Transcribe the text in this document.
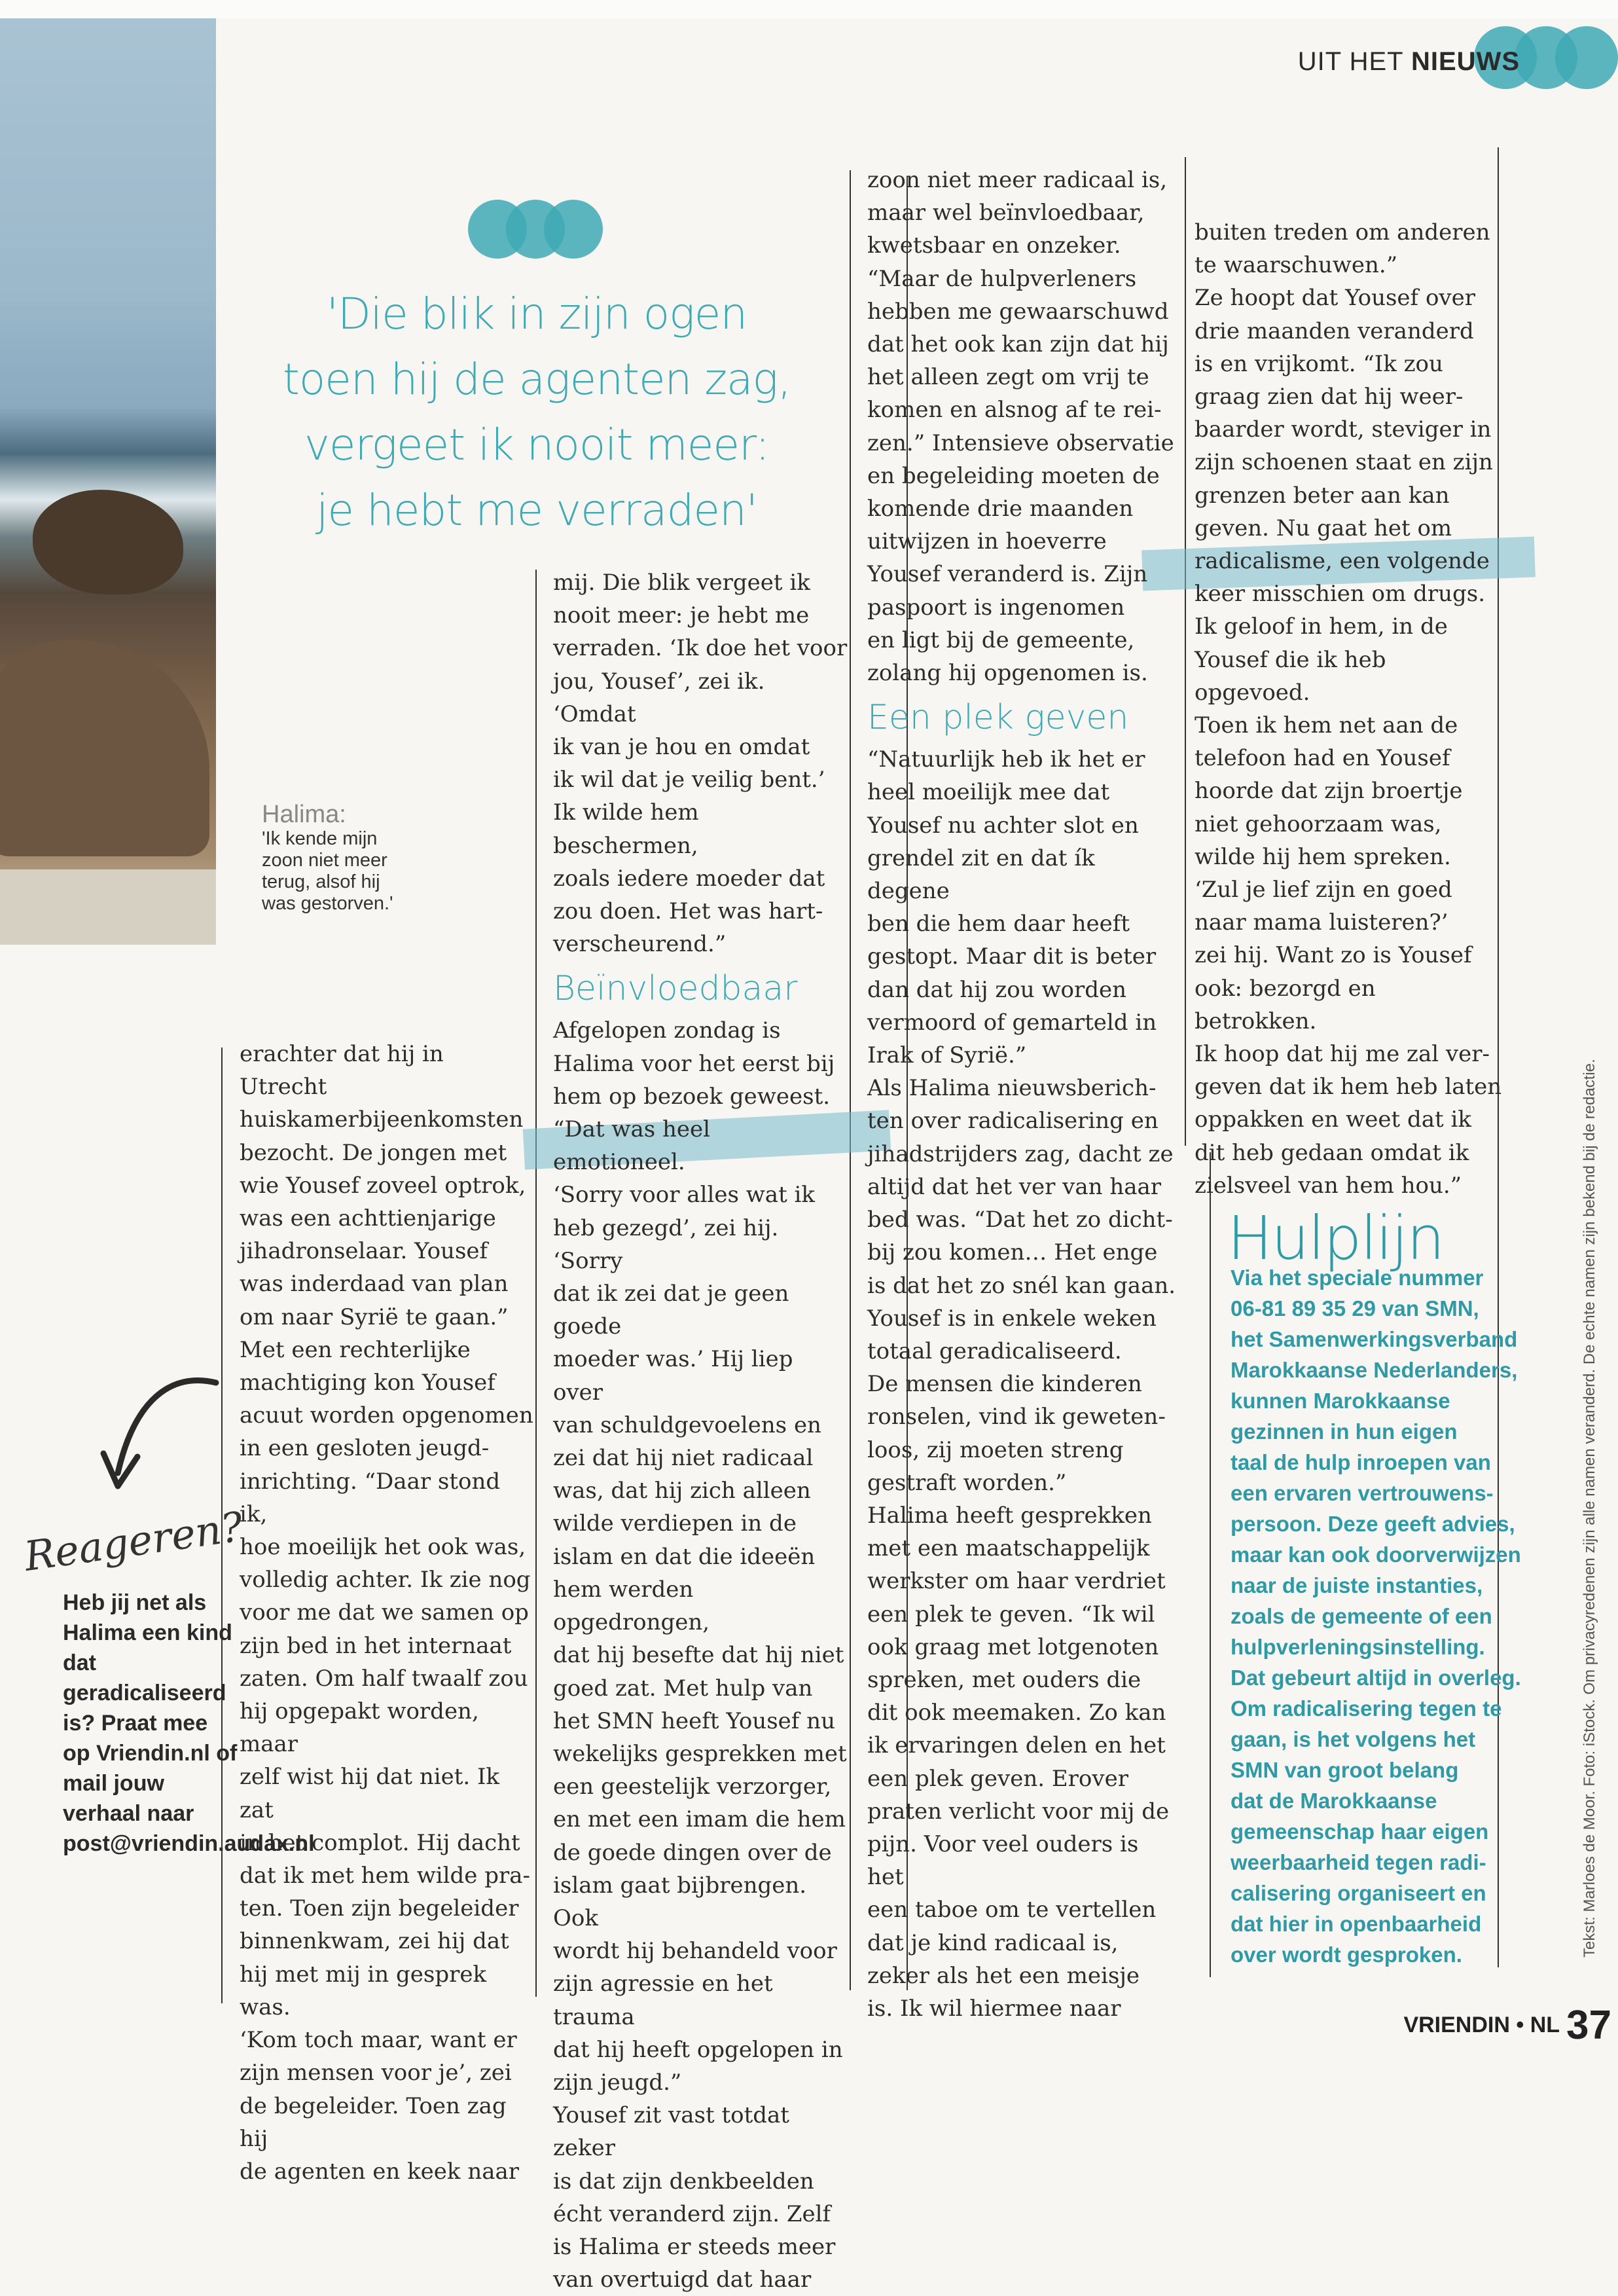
UIT HET NIEUWS
'Die blik in zijn ogen toen hij de agenten zag, vergeet ik nooit meer: je hebt me verraden'
Halima:
'Ik kende mijn zoon niet meer terug, alsof hij was gestorven.'
erachter dat hij in Utrecht
huiskamerbijeenkomsten
bezocht. De jongen met
wie Yousef zoveel optrok,
was een achttienjarige
jihadronselaar. Yousef
was inderdaad van plan
om naar Syrië te gaan.”
Met een rechterlijke
machtiging kon Yousef
acuut worden opgenomen
in een gesloten jeugd-
inrichting. “Daar stond ik,
hoe moeilijk het ook was,
volledig achter. Ik zie nog
voor me dat we samen op
zijn bed in het internaat
zaten. Om half twaalf zou
hij opgepakt worden, maar
zelf wist hij dat niet. Ik zat
in het complot. Hij dacht
dat ik met hem wilde pra-
ten. Toen zijn begeleider
binnenkwam, zei hij dat
hij met mij in gesprek was.
‘Kom toch maar, want er
zijn mensen voor je’, zei
de begeleider. Toen zag hij
de agenten en keek naar
mij. Die blik vergeet ik
nooit meer: je hebt me
verraden. ‘Ik doe het voor
jou, Yousef’, zei ik. ‘Omdat
ik van je hou en omdat
ik wil dat je veilig bent.’
Ik wilde hem beschermen,
zoals iedere moeder dat
zou doen. Het was hart-
verscheurend.”
Beïnvloedbaar
Afgelopen zondag is
Halima voor het eerst bij
hem op bezoek geweest.
“Dat was heel emotioneel.
‘Sorry voor alles wat ik
heb gezegd’, zei hij. ‘Sorry
dat ik zei dat je geen goede
moeder was.’ Hij liep over
van schuldgevoelens en
zei dat hij niet radicaal
was, dat hij zich alleen
wilde verdiepen in de
islam en dat die ideeën
hem werden opgedrongen,
dat hij besefte dat hij niet
goed zat. Met hulp van
het SMN heeft Yousef nu
wekelijks gesprekken met
een geestelijk verzorger,
en met een imam die hem
de goede dingen over de
islam gaat bijbrengen. Ook
wordt hij behandeld voor
zijn agressie en het trauma
dat hij heeft opgelopen in
zijn jeugd.”
Yousef zit vast totdat zeker
is dat zijn denkbeelden
écht veranderd zijn. Zelf
is Halima er steeds meer
van overtuigd dat haar
zoon niet meer radicaal is,
maar wel beïnvloedbaar,
kwetsbaar en onzeker.
“Maar de hulpverleners
hebben me gewaarschuwd
dat het ook kan zijn dat hij
het alleen zegt om vrij te
komen en alsnog af te rei-
zen.” Intensieve observatie
en begeleiding moeten de
komende drie maanden
uitwijzen in hoeverre
Yousef veranderd is. Zijn
paspoort is ingenomen
en ligt bij de gemeente,
zolang hij opgenomen is.
Een plek geven
“Natuurlijk heb ik het er
heel moeilijk mee dat
Yousef nu achter slot en
grendel zit en dat ík degene
ben die hem daar heeft
gestopt. Maar dit is beter
dan dat hij zou worden
vermoord of gemarteld in
Irak of Syrië.”
Als Halima nieuwsberich-
ten over radicalisering en
jihadstrijders zag, dacht ze
altijd dat het ver van haar
bed was. “Dat het zo dicht-
bij zou komen… Het enge
is dat het zo snél kan gaan.
Yousef is in enkele weken
totaal geradicaliseerd.
De mensen die kinderen
ronselen, vind ik geweten-
loos, zij moeten streng
gestraft worden.”
Halima heeft gesprekken
met een maatschappelijk
werkster om haar verdriet
een plek te geven. “Ik wil
ook graag met lotgenoten
spreken, met ouders die
dit ook meemaken. Zo kan
ik ervaringen delen en het
een plek geven. Erover
praten verlicht voor mij de
pijn. Voor veel ouders is het
een taboe om te vertellen
dat je kind radicaal is,
zeker als het een meisje
is. Ik wil hiermee naar
buiten treden om anderen
te waarschuwen.”
Ze hoopt dat Yousef over
drie maanden veranderd
is en vrijkomt. “Ik zou
graag zien dat hij weer-
baarder wordt, steviger in
zijn schoenen staat en zijn
grenzen beter aan kan
geven. Nu gaat het om
radicalisme, een volgende
keer misschien om drugs.
Ik geloof in hem, in de
Yousef die ik heb opgevoed.
Toen ik hem net aan de
telefoon had en Yousef
hoorde dat zijn broertje
niet gehoorzaam was,
wilde hij hem spreken.
‘Zul je lief zijn en goed
naar mama luisteren?’
zei hij. Want zo is Yousef
ook: bezorgd en betrokken.
Ik hoop dat hij me zal ver-
geven dat ik hem heb laten
oppakken en weet dat ik
dit heb gedaan omdat ik
zielsveel van hem hou.”
Reageren?
Heb jij net als Halima een kind dat geradicaliseerd is? Praat mee op Vriendin.nl of mail jouw verhaal naar post@vriendin.audax.nl
Hulplijn
Via het speciale nummer
06-81 89 35 29 van SMN,
het Samenwerkingsverband
Marokkaanse Nederlanders,
kunnen Marokkaanse
gezinnen in hun eigen
taal de hulp inroepen van
een ervaren vertrouwens-
persoon. Deze geeft advies,
maar kan ook doorverwijzen
naar de juiste instanties,
zoals de gemeente of een
hulpverleningsinstelling.
Dat gebeurt altijd in overleg.
Om radicalisering tegen te
gaan, is het volgens het
SMN van groot belang
dat de Marokkaanse
gemeenschap haar eigen
weerbaarheid tegen radi-
calisering organiseert en
dat hier in openbaarheid
over wordt gesproken.	Tekst: Marloes de Moor. Foto: iStock. Om privacyredenen zijn alle namen veranderd. De echte namen zijn bekend bij de redactie.
VRIENDIN • NL 37
